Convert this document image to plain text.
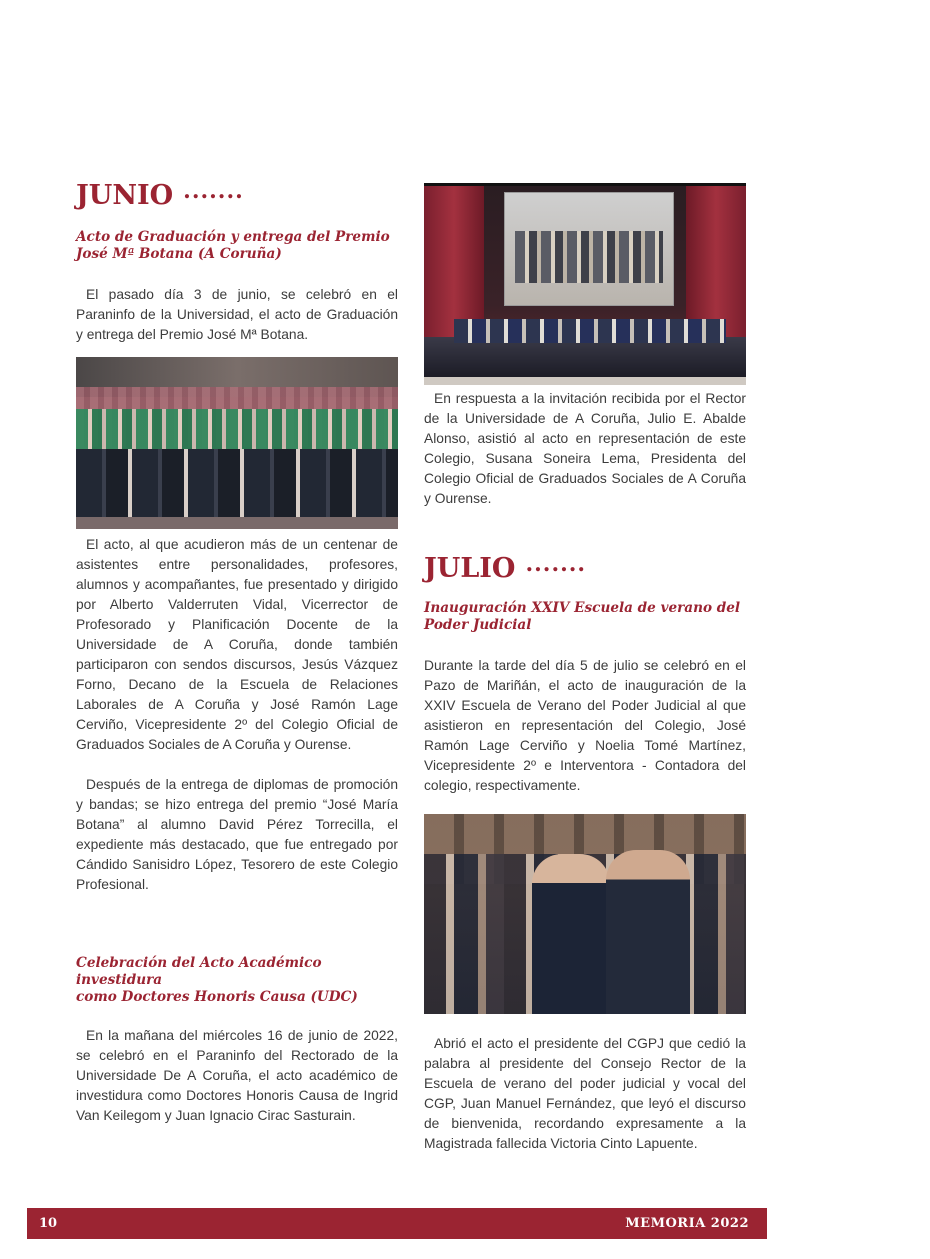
JUNIO .......
Acto de Graduación y entrega del Premio
José Mª Botana (A Coruña)

El pasado día 3 de junio, se celebró en el Paraninfo de la Universidad, el acto de Graduación y entrega del Premio José Mª Botana.

El acto, al que acudieron más de un centenar de asistentes entre personalidades, profesores, alumnos y acompañantes, fue presentado y dirigido por Alberto Valderruten Vidal, Vicerrector de Profesorado y Planificación Docente de la Universidade de A Coruña, donde también participaron con sendos discursos, Jesús Vázquez Forno, Decano de la Escuela de Relaciones Laborales de A Coruña y José Ramón Lage Cerviño, Vicepresidente 2º del Colegio Oficial de Graduados Sociales de A Coruña y Ourense.

Después de la entrega de diplomas de promoción y bandas; se hizo entrega del premio “José María Botana” al alumno David Pérez Torrecilla, el expediente más destacado, que fue entregado por Cándido Sanisidro López, Tesorero de este Colegio Profesional.

Celebración del Acto Académico investidura
como Doctores Honoris Causa (UDC)

En la mañana del miércoles 16 de junio de 2022, se celebró en el Paraninfo del Rectorado de la Universidade De A Coruña, el acto académico de investidura como Doctores Honoris Causa de Ingrid Van Keilegom y Juan Ignacio Cirac Sasturain.

En respuesta a la invitación recibida por el Rector de la Universidade de A Coruña, Julio E. Abalde Alonso, asistió al acto en representación de este Colegio, Susana Soneira Lema, Presidenta del Colegio Oficial de Graduados Sociales de A Coruña y Ourense.

JULIO .......
Inauguración XXIV Escuela de verano del
Poder Judicial

Durante la tarde del día 5 de julio se celebró en el Pazo de Mariñán, el acto de inauguración de la XXIV Escuela de Verano del Poder Judicial al que asistieron en representación del Colegio, José Ramón Lage Cerviño y Noelia Tomé Martínez, Vicepresidente 2º e Interventora - Contadora del colegio, respectivamente.

Abrió el acto el presidente del CGPJ que cedió la palabra al presidente del Consejo Rector de la Escuela de verano del poder judicial y vocal del CGP, Juan Manuel Fernández, que leyó el discurso de bienvenida, recordando expresamente a la Magistrada fallecida Victoria Cinto Lapuente.

10	MEMORIA 2022
